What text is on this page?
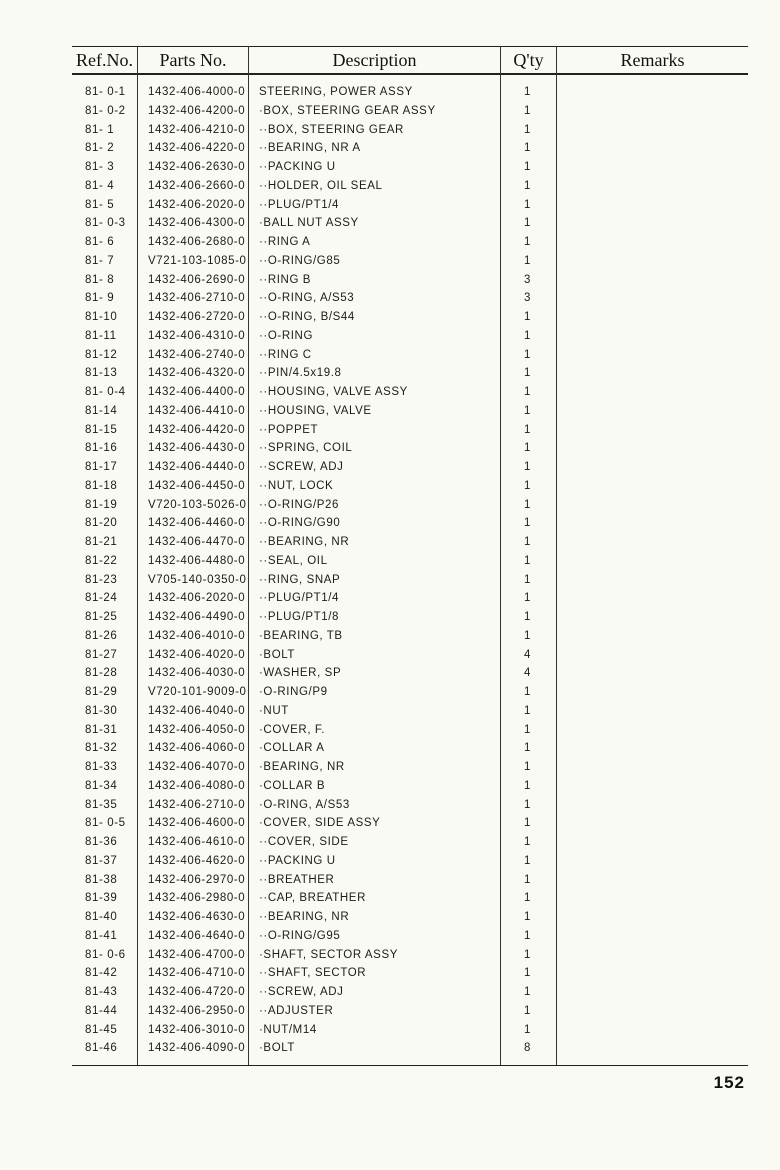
Ref.No.	Parts No.	Description	Q'ty	Remarks
81- 0-1	1432-406-4000-0	STEERING, POWER ASSY	1
81- 0-2	1432-406-4200-0	·BOX, STEERING GEAR ASSY	1
81- 1	1432-406-4210-0	··BOX, STEERING GEAR	1
81- 2	1432-406-4220-0	··BEARING, NR A	1
81- 3	1432-406-2630-0	··PACKING U	1
81- 4	1432-406-2660-0	··HOLDER, OIL SEAL	1
81- 5	1432-406-2020-0	··PLUG/PT1/4	1
81- 0-3	1432-406-4300-0	·BALL NUT ASSY	1
81- 6	1432-406-2680-0	··RING A	1
81- 7	V721-103-1085-0	··O-RING/G85	1
81- 8	1432-406-2690-0	··RING B	3
81- 9	1432-406-2710-0	··O-RING, A/S53	3
81-10	1432-406-2720-0	··O-RING, B/S44	1
81-11	1432-406-4310-0	··O-RING	1
81-12	1432-406-2740-0	··RING C	1
81-13	1432-406-4320-0	··PIN/4.5x19.8	1
81- 0-4	1432-406-4400-0	··HOUSING, VALVE ASSY	1
81-14	1432-406-4410-0	··HOUSING, VALVE	1
81-15	1432-406-4420-0	··POPPET	1
81-16	1432-406-4430-0	··SPRING, COIL	1
81-17	1432-406-4440-0	··SCREW, ADJ	1
81-18	1432-406-4450-0	··NUT, LOCK	1
81-19	V720-103-5026-0	··O-RING/P26	1
81-20	1432-406-4460-0	··O-RING/G90	1
81-21	1432-406-4470-0	··BEARING, NR	1
81-22	1432-406-4480-0	··SEAL, OIL	1
81-23	V705-140-0350-0	··RING, SNAP	1
81-24	1432-406-2020-0	··PLUG/PT1/4	1
81-25	1432-406-4490-0	··PLUG/PT1/8	1
81-26	1432-406-4010-0	·BEARING, TB	1
81-27	1432-406-4020-0	·BOLT	4
81-28	1432-406-4030-0	·WASHER, SP	4
81-29	V720-101-9009-0	·O-RING/P9	1
81-30	1432-406-4040-0	·NUT	1
81-31	1432-406-4050-0	·COVER, F.	1
81-32	1432-406-4060-0	·COLLAR A	1
81-33	1432-406-4070-0	·BEARING, NR	1
81-34	1432-406-4080-0	·COLLAR B	1
81-35	1432-406-2710-0	·O-RING, A/S53	1
81- 0-5	1432-406-4600-0	·COVER, SIDE ASSY	1
81-36	1432-406-4610-0	··COVER, SIDE	1
81-37	1432-406-4620-0	··PACKING U	1
81-38	1432-406-2970-0	··BREATHER	1
81-39	1432-406-2980-0	··CAP, BREATHER	1
81-40	1432-406-4630-0	··BEARING, NR	1
81-41	1432-406-4640-0	··O-RING/G95	1
81- 0-6	1432-406-4700-0	·SHAFT, SECTOR ASSY	1
81-42	1432-406-4710-0	··SHAFT, SECTOR	1
81-43	1432-406-4720-0	··SCREW, ADJ	1
81-44	1432-406-2950-0	··ADJUSTER	1
81-45	1432-406-3010-0	·NUT/M14	1
81-46	1432-406-4090-0	·BOLT	8
152
